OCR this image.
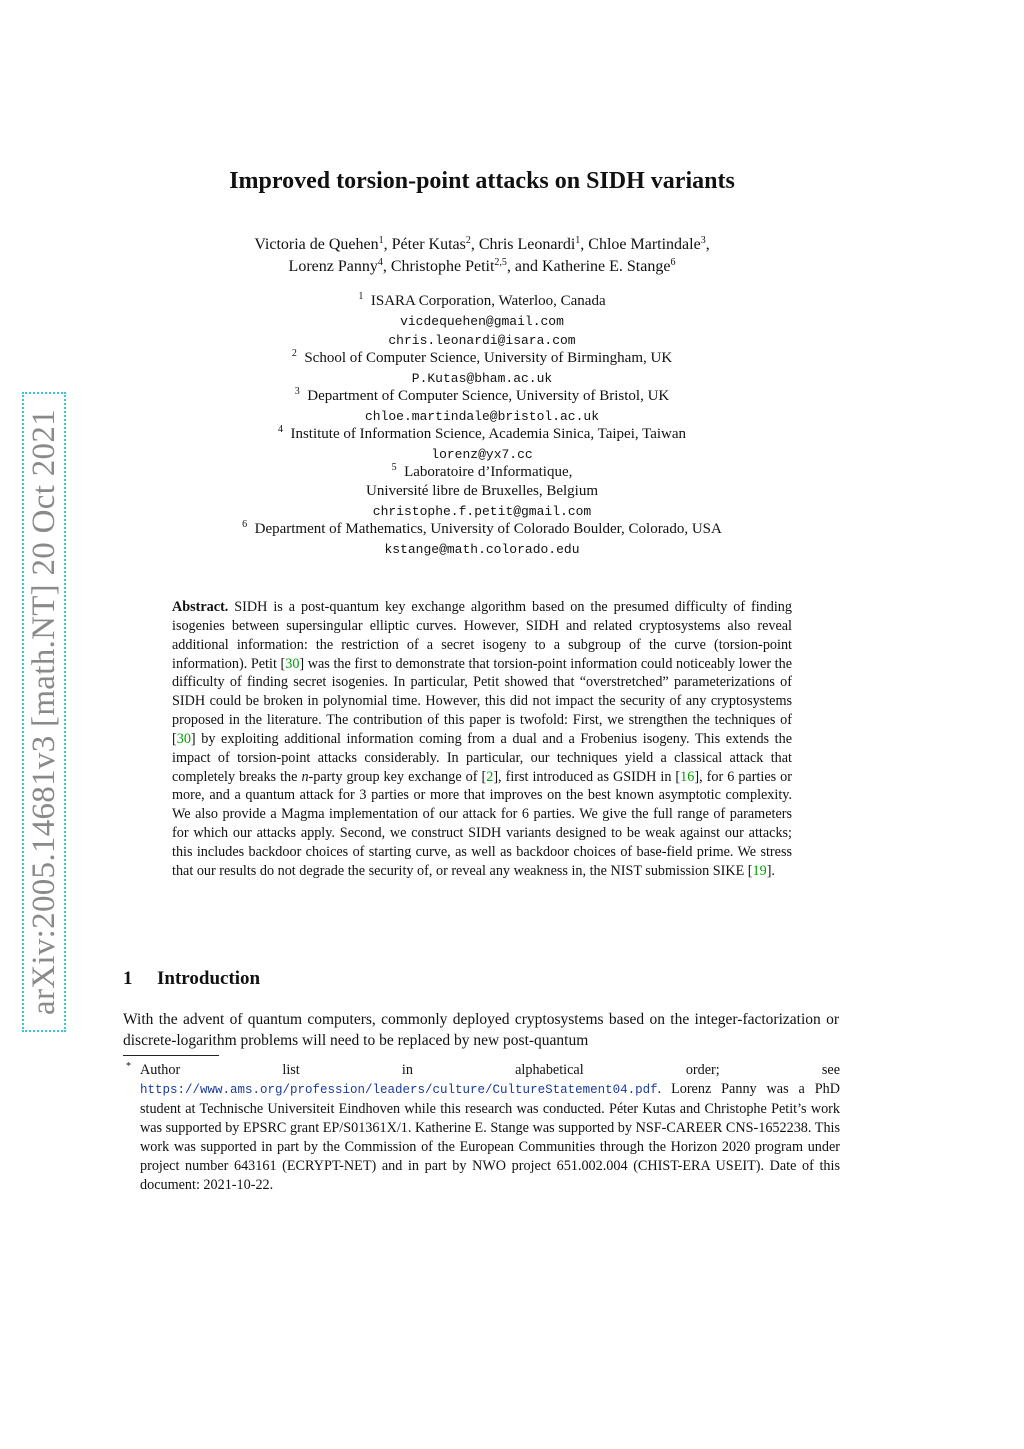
arXiv:2005.14681v3 [math.NT] 20 Oct 2021
Improved torsion-point attacks on SIDH variants
Victoria de Quehen$^1$, Péter Kutas$^2$, Chris Leonardi$^1$, Chloe Martindale$^3$,
Lorenz Panny$^4$, Christophe Petit$^{2,5}$, and Katherine E. Stange$^6$
$^1$ ISARA Corporation, Waterloo, Canada
vicdequehen@gmail.com
chris.leonardi@isara.com
$^2$ School of Computer Science, University of Birmingham, UK
P.Kutas@bham.ac.uk
$^3$ Department of Computer Science, University of Bristol, UK
chloe.martindale@bristol.ac.uk
$^4$ Institute of Information Science, Academia Sinica, Taipei, Taiwan
lorenz@yx7.cc
$^5$ Laboratoire d’Informatique,
Université libre de Bruxelles, Belgium
christophe.f.petit@gmail.com
$^6$ Department of Mathematics, University of Colorado Boulder, Colorado, USA
kstange@math.colorado.edu

Abstract. SIDH is a post-quantum key exchange algorithm based on the presumed difficulty of finding isogenies between supersingular elliptic curves. However, SIDH and related cryptosystems also reveal additional information: the restriction of a secret isogeny to a subgroup of the curve (torsion-point information). Petit [30] was the first to demonstrate that torsion-point information could noticeably lower the difficulty of finding secret isogenies. In particular, Petit showed that “overstretched” parameterizations of SIDH could be broken in polynomial time. However, this did not impact the security of any cryptosystems proposed in the literature. The contribution of this paper is twofold: First, we strengthen the techniques of [30] by exploiting additional information coming from a dual and a Frobenius isogeny. This extends the impact of torsion-point attacks considerably. In particular, our techniques yield a classical attack that completely breaks the n-party group key exchange of [2], first introduced as GSIDH in [16], for 6 parties or more, and a quantum attack for 3 parties or more that improves on the best known asymptotic complexity. We also provide a Magma implementation of our attack for 6 parties. We give the full range of parameters for which our attacks apply. Second, we construct SIDH variants designed to be weak against our attacks; this includes backdoor choices of starting curve, as well as backdoor choices of base-field prime. We stress that our results do not degrade the security of, or reveal any weakness in, the NIST submission SIKE [19].

1 Introduction

With the advent of quantum computers, commonly deployed cryptosystems based on the integer-factorization or discrete-logarithm problems will need to be replaced by new post-quantum

* Author list in alphabetical order; see https://www.ams.org/profession/leaders/culture/CultureStatement04.pdf. Lorenz Panny was a PhD student at Technische Universiteit Eindhoven while this research was conducted. Péter Kutas and Christophe Petit’s work was supported by EPSRC grant EP/S01361X/1. Katherine E. Stange was supported by NSF-CAREER CNS-1652238. This work was supported in part by the Commission of the European Communities through the Horizon 2020 program under project number 643161 (ECRYPT-NET) and in part by NWO project 651.002.004 (CHIST-ERA USEIT). Date of this document: 2021-10-22.
